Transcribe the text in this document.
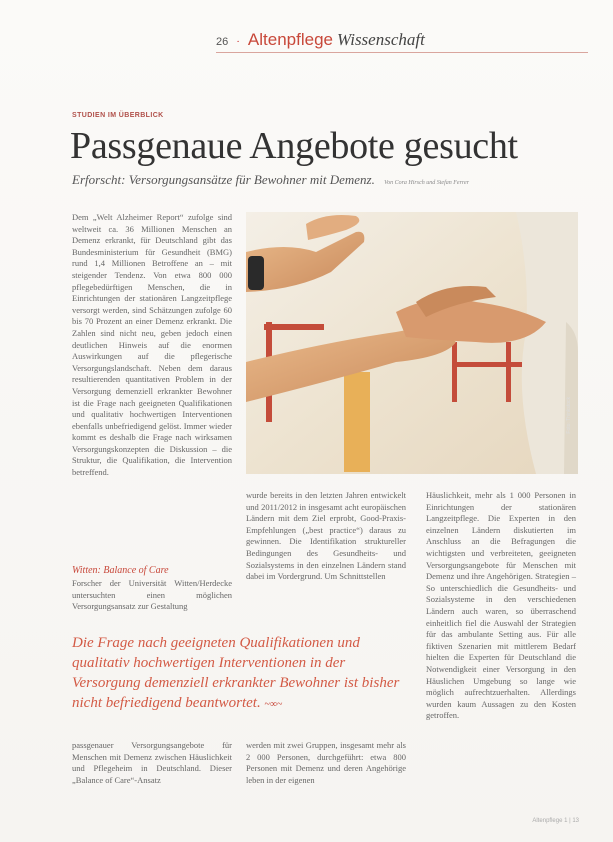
26 · Altenpflege Wissenschaft
STUDIEN IM ÜBERBLICK
Passgenaue Angebote gesucht
Erforscht: Versorgungsansätze für Bewohner mit Demenz. Von Cora Hirsch und Stefan Ferrer

Dem „Welt Alzheimer Report“ zufolge sind weltweit ca. 36 Millionen Menschen an Demenz erkrankt, für Deutschland gibt das Bundesministerium für Gesundheit (BMG) rund 1,4 Millionen Betroffene an – mit steigender Tendenz. Von etwa 800 000 pflegebedürftigen Menschen, die in Einrichtungen der stationären Langzeitpflege versorgt werden, sind Schätzungen zufolge 60 bis 70 Prozent an einer Demenz erkrankt. Die Zahlen sind nicht neu, geben jedoch einen deutlichen Hinweis auf die enormen Auswirkungen auf die pflegerische Versorgungslandschaft. Neben dem daraus resultierenden quantitativen Problem in der Versorgung demenziell erkrankter Bewohner ist die Frage nach geeigneten Qualifikationen und qualitativ hochwertigen Interventionen ebenfalls unbefriedigend gelöst. Immer wieder kommt es deshalb die Frage nach wirksamen Versorgungskonzepten die Diskussion – die Struktur, die Qualifikation, die Intervention betreffend.

Witten: Balance of Care

Forscher der Universität Witten/Herdecke untersuchten einen möglichen Versorgungsansatz zur Gestaltung

Foto: Thinkstock

wurde bereits in den letzten Jahren entwickelt und 2011/2012 in insgesamt acht europäischen Ländern mit dem Ziel erprobt, Good-Praxis-Empfehlungen („best practice“) daraus zu gewinnen. Die Identifikation struktureller Bedingungen des Gesundheits- und Sozialsystems in den einzelnen Ländern stand dabei im Vordergrund. Um Schnittstellen

Häuslichkeit, mehr als 1 000 Personen in Einrichtungen der stationären Langzeitpflege. Die Experten in den einzelnen Ländern diskutierten im Anschluss an die Befragungen die wichtigsten und verbreiteten, geeigneten Versorgungsangebote für Menschen mit Demenz und ihre Angehörigen. Strategien – So unterschiedlich die Gesundheits- und Sozialsysteme in den verschiedenen Ländern auch waren, so überraschend einheitlich fiel die Auswahl der Strategien für das ambulante Setting aus. Für alle fiktiven Szenarien mit mittlerem Bedarf hielten die Experten für Deutschland die Notwendigkeit einer Versorgung in den Häuslichen Umgebung so lange wie möglich aufrechtzuerhalten. Allerdings wurden kaum Aussagen zu den Kosten getroffen.

Die Frage nach geeigneten Qualifikationen und qualitativ hochwertigen Interventionen in der Versorgung demenziell erkrankter Bewohner ist bisher nicht befriedigend beantwortet. ~∞~

passgenauer Versorgungsangebote für Menschen mit Demenz zwischen Häuslichkeit und Pflegeheim in Deutschland. Dieser „Balance of Care“-Ansatz

werden mit zwei Gruppen, insgesamt mehr als 2 000 Personen, durchgeführt: etwa 800 Personen mit Demenz und deren Angehörige leben in der eigenen

Altenpflege 1 | 13
